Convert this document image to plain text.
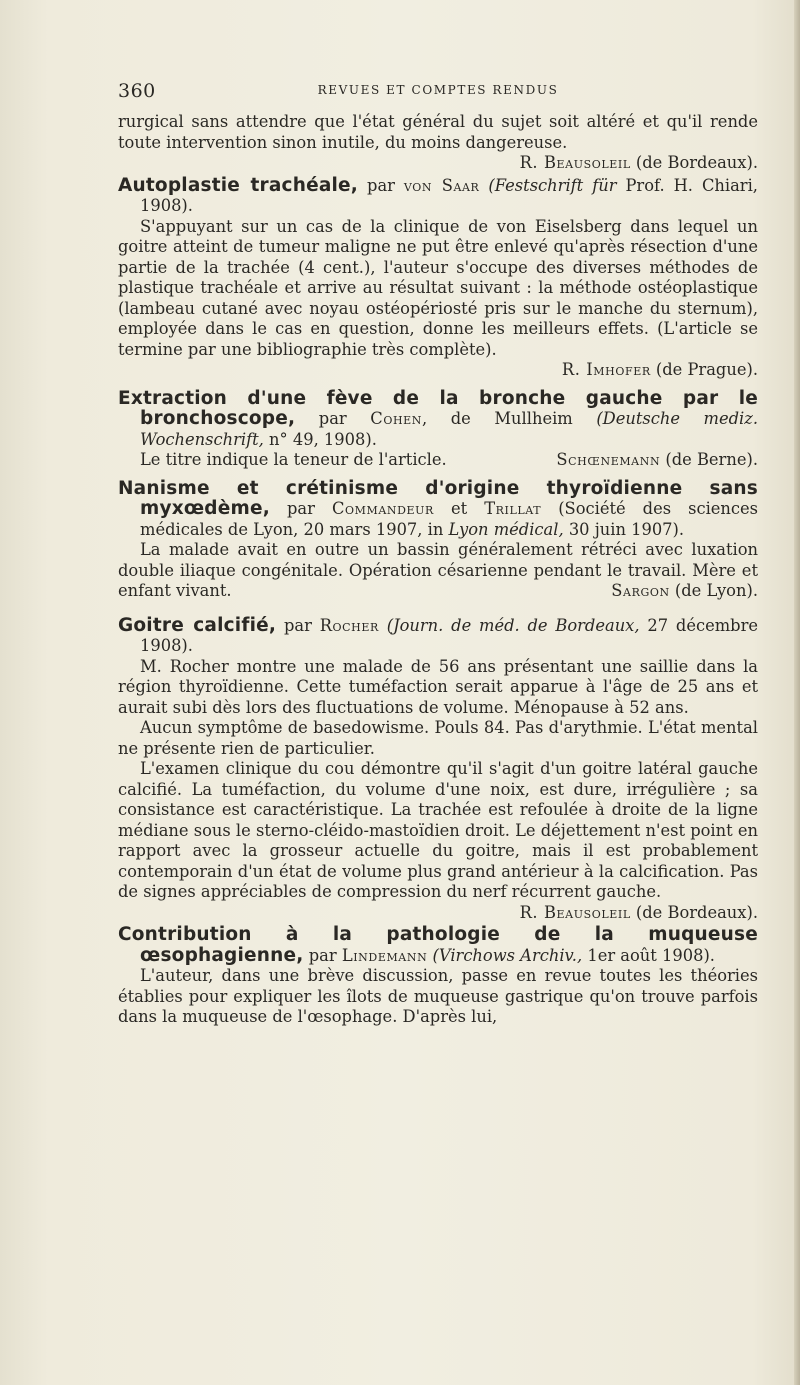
360	REVUES ET COMPTES RENDUS

rurgical sans attendre que l'état général du sujet soit altéré et qu'il rende toute intervention sinon inutile, du moins dangereuse.

R. Beausoleil (de Bordeaux).

Autoplastie trachéale, par von Saar (Festschrift für Prof. H. Chiari, 1908).

S'appuyant sur un cas de la clinique de von Eiselsberg dans lequel un goitre atteint de tumeur maligne ne put être enlevé qu'après résection d'une partie de la trachée (4 cent.), l'auteur s'occupe des diverses méthodes de plastique trachéale et arrive au résultat suivant : la méthode ostéoplastique (lambeau cutané avec noyau ostéopériosté pris sur le manche du sternum), employée dans le cas en question, donne les meilleurs effets. (L'article se termine par une bibliographie très complète).

R. Imhofer (de Prague).

Extraction d'une fève de la bronche gauche par le bronchoscope, par Cohen, de Mullheim (Deutsche mediz. Wochenschrift, n° 49, 1908).

Le titre indique la teneur de l'article.	Schœnemann (de Berne).

Nanisme et crétinisme d'origine thyroïdienne sans myxœdème, par Commandeur et Trillat (Société des sciences médicales de Lyon, 20 mars 1907, in Lyon médical, 30 juin 1907).

La malade avait en outre un bassin généralement rétréci avec luxation double iliaque congénitale. Opération césarienne pendant le travail. Mère et enfant vivant.	Sargon (de Lyon).

Goitre calcifié, par Rocher (Journ. de méd. de Bordeaux, 27 décembre 1908).

M. Rocher montre une malade de 56 ans présentant une saillie dans la région thyroïdienne. Cette tuméfaction serait apparue à l'âge de 25 ans et aurait subi dès lors des fluctuations de volume. Ménopause à 52 ans.

Aucun symptôme de basedowisme. Pouls 84. Pas d'arythmie. L'état mental ne présente rien de particulier.

L'examen clinique du cou démontre qu'il s'agit d'un goitre latéral gauche calcifié. La tuméfaction, du volume d'une noix, est dure, irrégulière ; sa consistance est caractéristique. La trachée est refoulée à droite de la ligne médiane sous le sterno-cléido-mastoïdien droit. Le déjettement n'est point en rapport avec la grosseur actuelle du goitre, mais il est probablement contemporain d'un état de volume plus grand antérieur à la calcification. Pas de signes appréciables de compression du nerf récurrent gauche.

R. Beausoleil (de Bordeaux).

Contribution à la pathologie de la muqueuse œsophagienne, par Lindemann (Virchows Archiv., 1er août 1908).

L'auteur, dans une brève discussion, passe en revue toutes les théories établies pour expliquer les îlots de muqueuse gastrique qu'on trouve parfois dans la muqueuse de l'œsophage. D'après lui,
